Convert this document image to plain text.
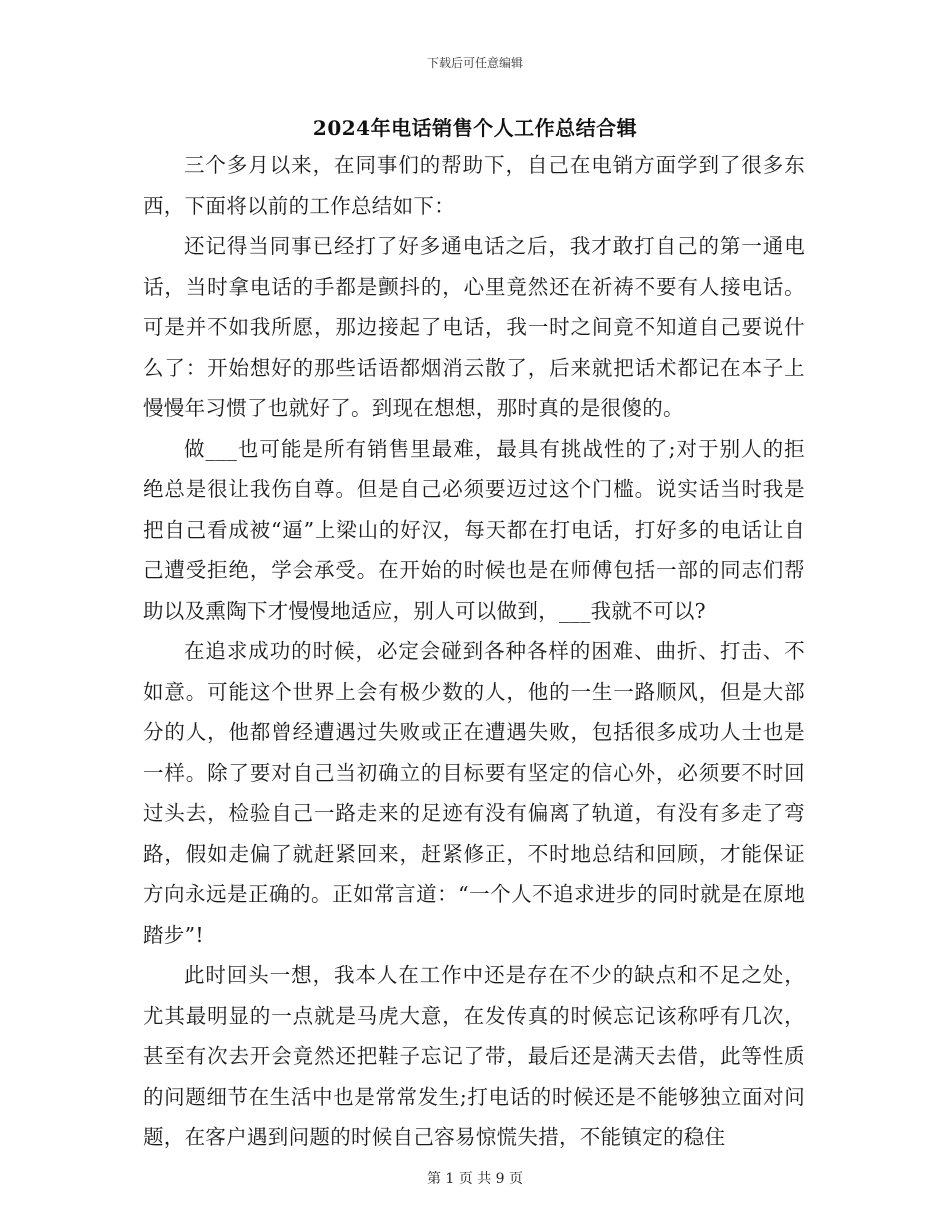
下载后可任意编辑
2024年电话销售个人工作总结合辑

三个多月以来，在同事们的帮助下，自己在电销方面学到了很多东西，下面将以前的工作总结如下：

还记得当同事已经打了好多通电话之后，我才敢打自己的第一通电话，当时拿电话的手都是颤抖的，心里竟然还在祈祷不要有人接电话。可是并不如我所愿，那边接起了电话，我一时之间竟不知道自己要说什么了：开始想好的那些话语都烟消云散了，后来就把话术都记在本子上慢慢年习惯了也就好了。到现在想想，那时真的是很傻的。

做___也可能是所有销售里最难，最具有挑战性的了;对于别人的拒绝总是很让我伤自尊。但是自己必须要迈过这个门槛。说实话当时我是把自己看成被“逼”上梁山的好汉，每天都在打电话，打好多的电话让自己遭受拒绝，学会承受。在开始的时候也是在师傅包括一部的同志们帮助以及熏陶下才慢慢地适应，别人可以做到，___我就不可以?

在追求成功的时候，必定会碰到各种各样的困难、曲折、打击、不如意。可能这个世界上会有极少数的人，他的一生一路顺风，但是大部分的人，他都曾经遭遇过失败或正在遭遇失败，包括很多成功人士也是一样。除了要对自己当初确立的目标要有坚定的信心外，必须要不时回过头去，检验自己一路走来的足迹有没有偏离了轨道，有没有多走了弯路，假如走偏了就赶紧回来，赶紧修正，不时地总结和回顾，才能保证方向永远是正确的。正如常言道：“一个人不追求进步的同时就是在原地踏步”!

此时回头一想，我本人在工作中还是存在不少的缺点和不足之处，尤其最明显的一点就是马虎大意，在发传真的时候忘记该称呼有几次，甚至有次去开会竟然还把鞋子忘记了带，最后还是满天去借，此等性质的问题细节在生活中也是常常发生;打电话的时候还是不能够独立面对问题，在客户遇到问题的时候自己容易惊慌失措，不能镇定的稳住

第 1 页 共 9 页
